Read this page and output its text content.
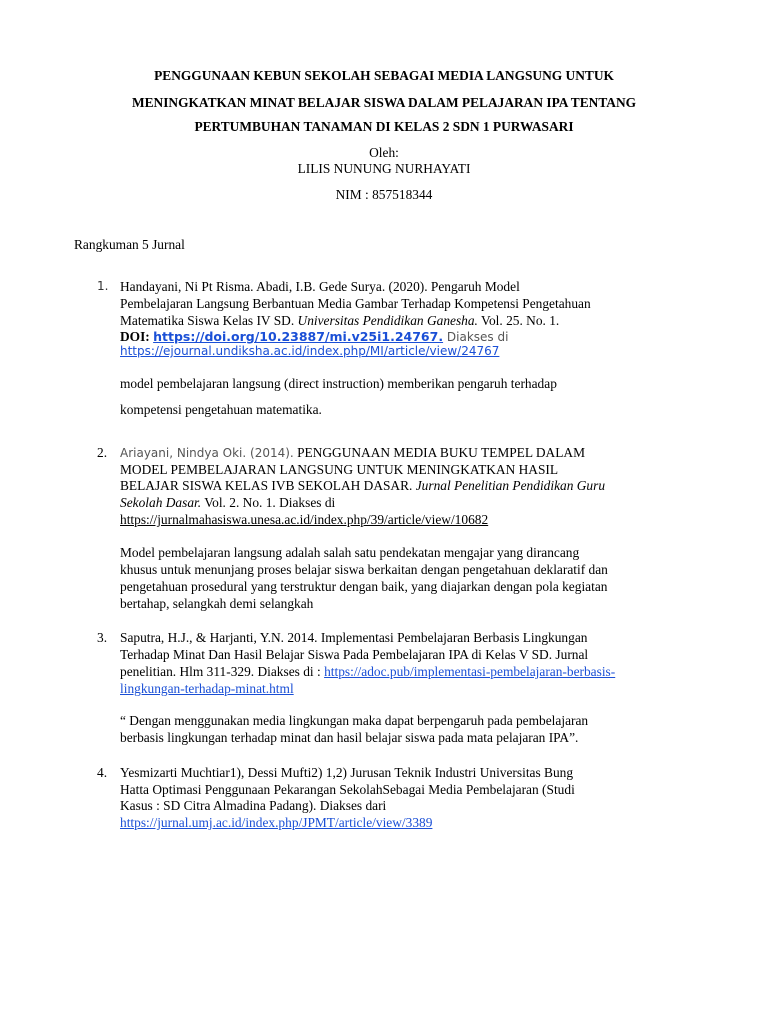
PENGGUNAAN KEBUN SEKOLAH SEBAGAI MEDIA LANGSUNG UNTUK
MENINGKATKAN MINAT BELAJAR SISWA DALAM PELAJARAN IPA TENTANG
PERTUMBUHAN TANAMAN DI KELAS 2 SDN 1 PURWASARI
Oleh:
LILIS NUNUNG NURHAYATI
NIM : 857518344
Rangkuman 5 Jurnal
1. Handayani, Ni Pt Risma. Abadi, I.B. Gede Surya. (2020). Pengaruh Model
Pembelajaran Langsung Berbantuan Media Gambar Terhadap Kompetensi Pengetahuan
Matematika Siswa Kelas IV SD. Universitas Pendidikan Ganesha. Vol. 25. No. 1.
DOI: https://doi.org/10.23887/mi.v25i1.24767. Diakses di
https://ejournal.undiksha.ac.id/index.php/MI/article/view/24767
model pembelajaran langsung (direct instruction) memberikan pengaruh terhadap
kompetensi pengetahuan matematika.
2. Ariayani, Nindya Oki. (2014). PENGGUNAAN MEDIA BUKU TEMPEL DALAM
MODEL PEMBELAJARAN LANGSUNG UNTUK MENINGKATKAN HASIL
BELAJAR SISWA KELAS IVB SEKOLAH DASAR. Jurnal Penelitian Pendidikan Guru
Sekolah Dasar. Vol. 2. No. 1. Diakses di
https://jurnalmahasiswa.unesa.ac.id/index.php/39/article/view/10682
Model pembelajaran langsung adalah salah satu pendekatan mengajar yang dirancang
khusus untuk menunjang proses belajar siswa berkaitan dengan pengetahuan deklaratif dan
pengetahuan prosedural yang terstruktur dengan baik, yang diajarkan dengan pola kegiatan
bertahap, selangkah demi selangkah
3. Saputra, H.J., & Harjanti, Y.N. 2014. Implementasi Pembelajaran Berbasis Lingkungan
Terhadap Minat Dan Hasil Belajar Siswa Pada Pembelajaran IPA di Kelas V SD. Jurnal
penelitian. Hlm 311-329. Diakses di : https://adoc.pub/implementasi-pembelajaran-berbasis-
lingkungan-terhadap-minat.html
“ Dengan menggunakan media lingkungan maka dapat berpengaruh pada pembelajaran
berbasis lingkungan terhadap minat dan hasil belajar siswa pada mata pelajaran IPA”.
4. Yesmizarti Muchtiar1), Dessi Mufti2) 1,2) Jurusan Teknik Industri Universitas Bung
Hatta Optimasi Penggunaan Pekarangan SekolahSebagai Media Pembelajaran (Studi
Kasus : SD Citra Almadina Padang). Diakses dari
https://jurnal.umj.ac.id/index.php/JPMT/article/view/3389
